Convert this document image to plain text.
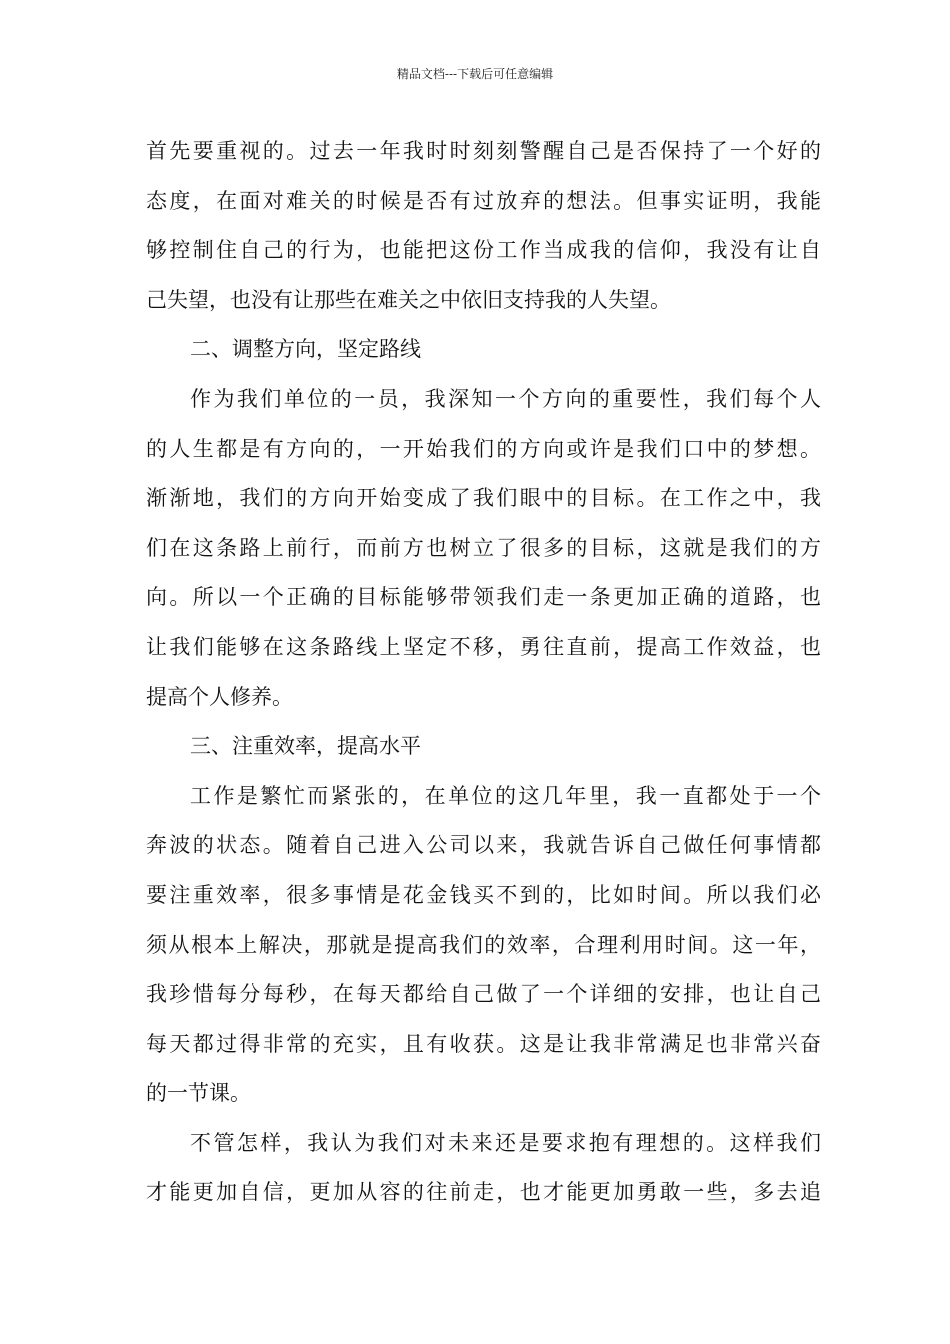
精品文档---下载后可任意编辑
首先要重视的。过去一年我时时刻刻警醒自己是否保持了一个好的
态度，在面对难关的时候是否有过放弃的想法。但事实证明，我能
够控制住自己的行为，也能把这份工作当成我的信仰，我没有让自
己失望，也没有让那些在难关之中依旧支持我的人失望。
二、调整方向，坚定路线
作为我们单位的一员，我深知一个方向的重要性，我们每个人
的人生都是有方向的，一开始我们的方向或许是我们口中的梦想。
渐渐地，我们的方向开始变成了我们眼中的目标。在工作之中，我
们在这条路上前行，而前方也树立了很多的目标，这就是我们的方
向。所以一个正确的目标能够带领我们走一条更加正确的道路，也
让我们能够在这条路线上坚定不移，勇往直前，提高工作效益，也
提高个人修养。
三、注重效率，提高水平
工作是繁忙而紧张的，在单位的这几年里，我一直都处于一个
奔波的状态。随着自己进入公司以来，我就告诉自己做任何事情都
要注重效率，很多事情是花金钱买不到的，比如时间。所以我们必
须从根本上解决，那就是提高我们的效率，合理利用时间。这一年，
我珍惜每分每秒，在每天都给自己做了一个详细的安排，也让自己
每天都过得非常的充实，且有收获。这是让我非常满足也非常兴奋
的一节课。
不管怎样，我认为我们对未来还是要求抱有理想的。这样我们
才能更加自信，更加从容的往前走，也才能更加勇敢一些，多去追
